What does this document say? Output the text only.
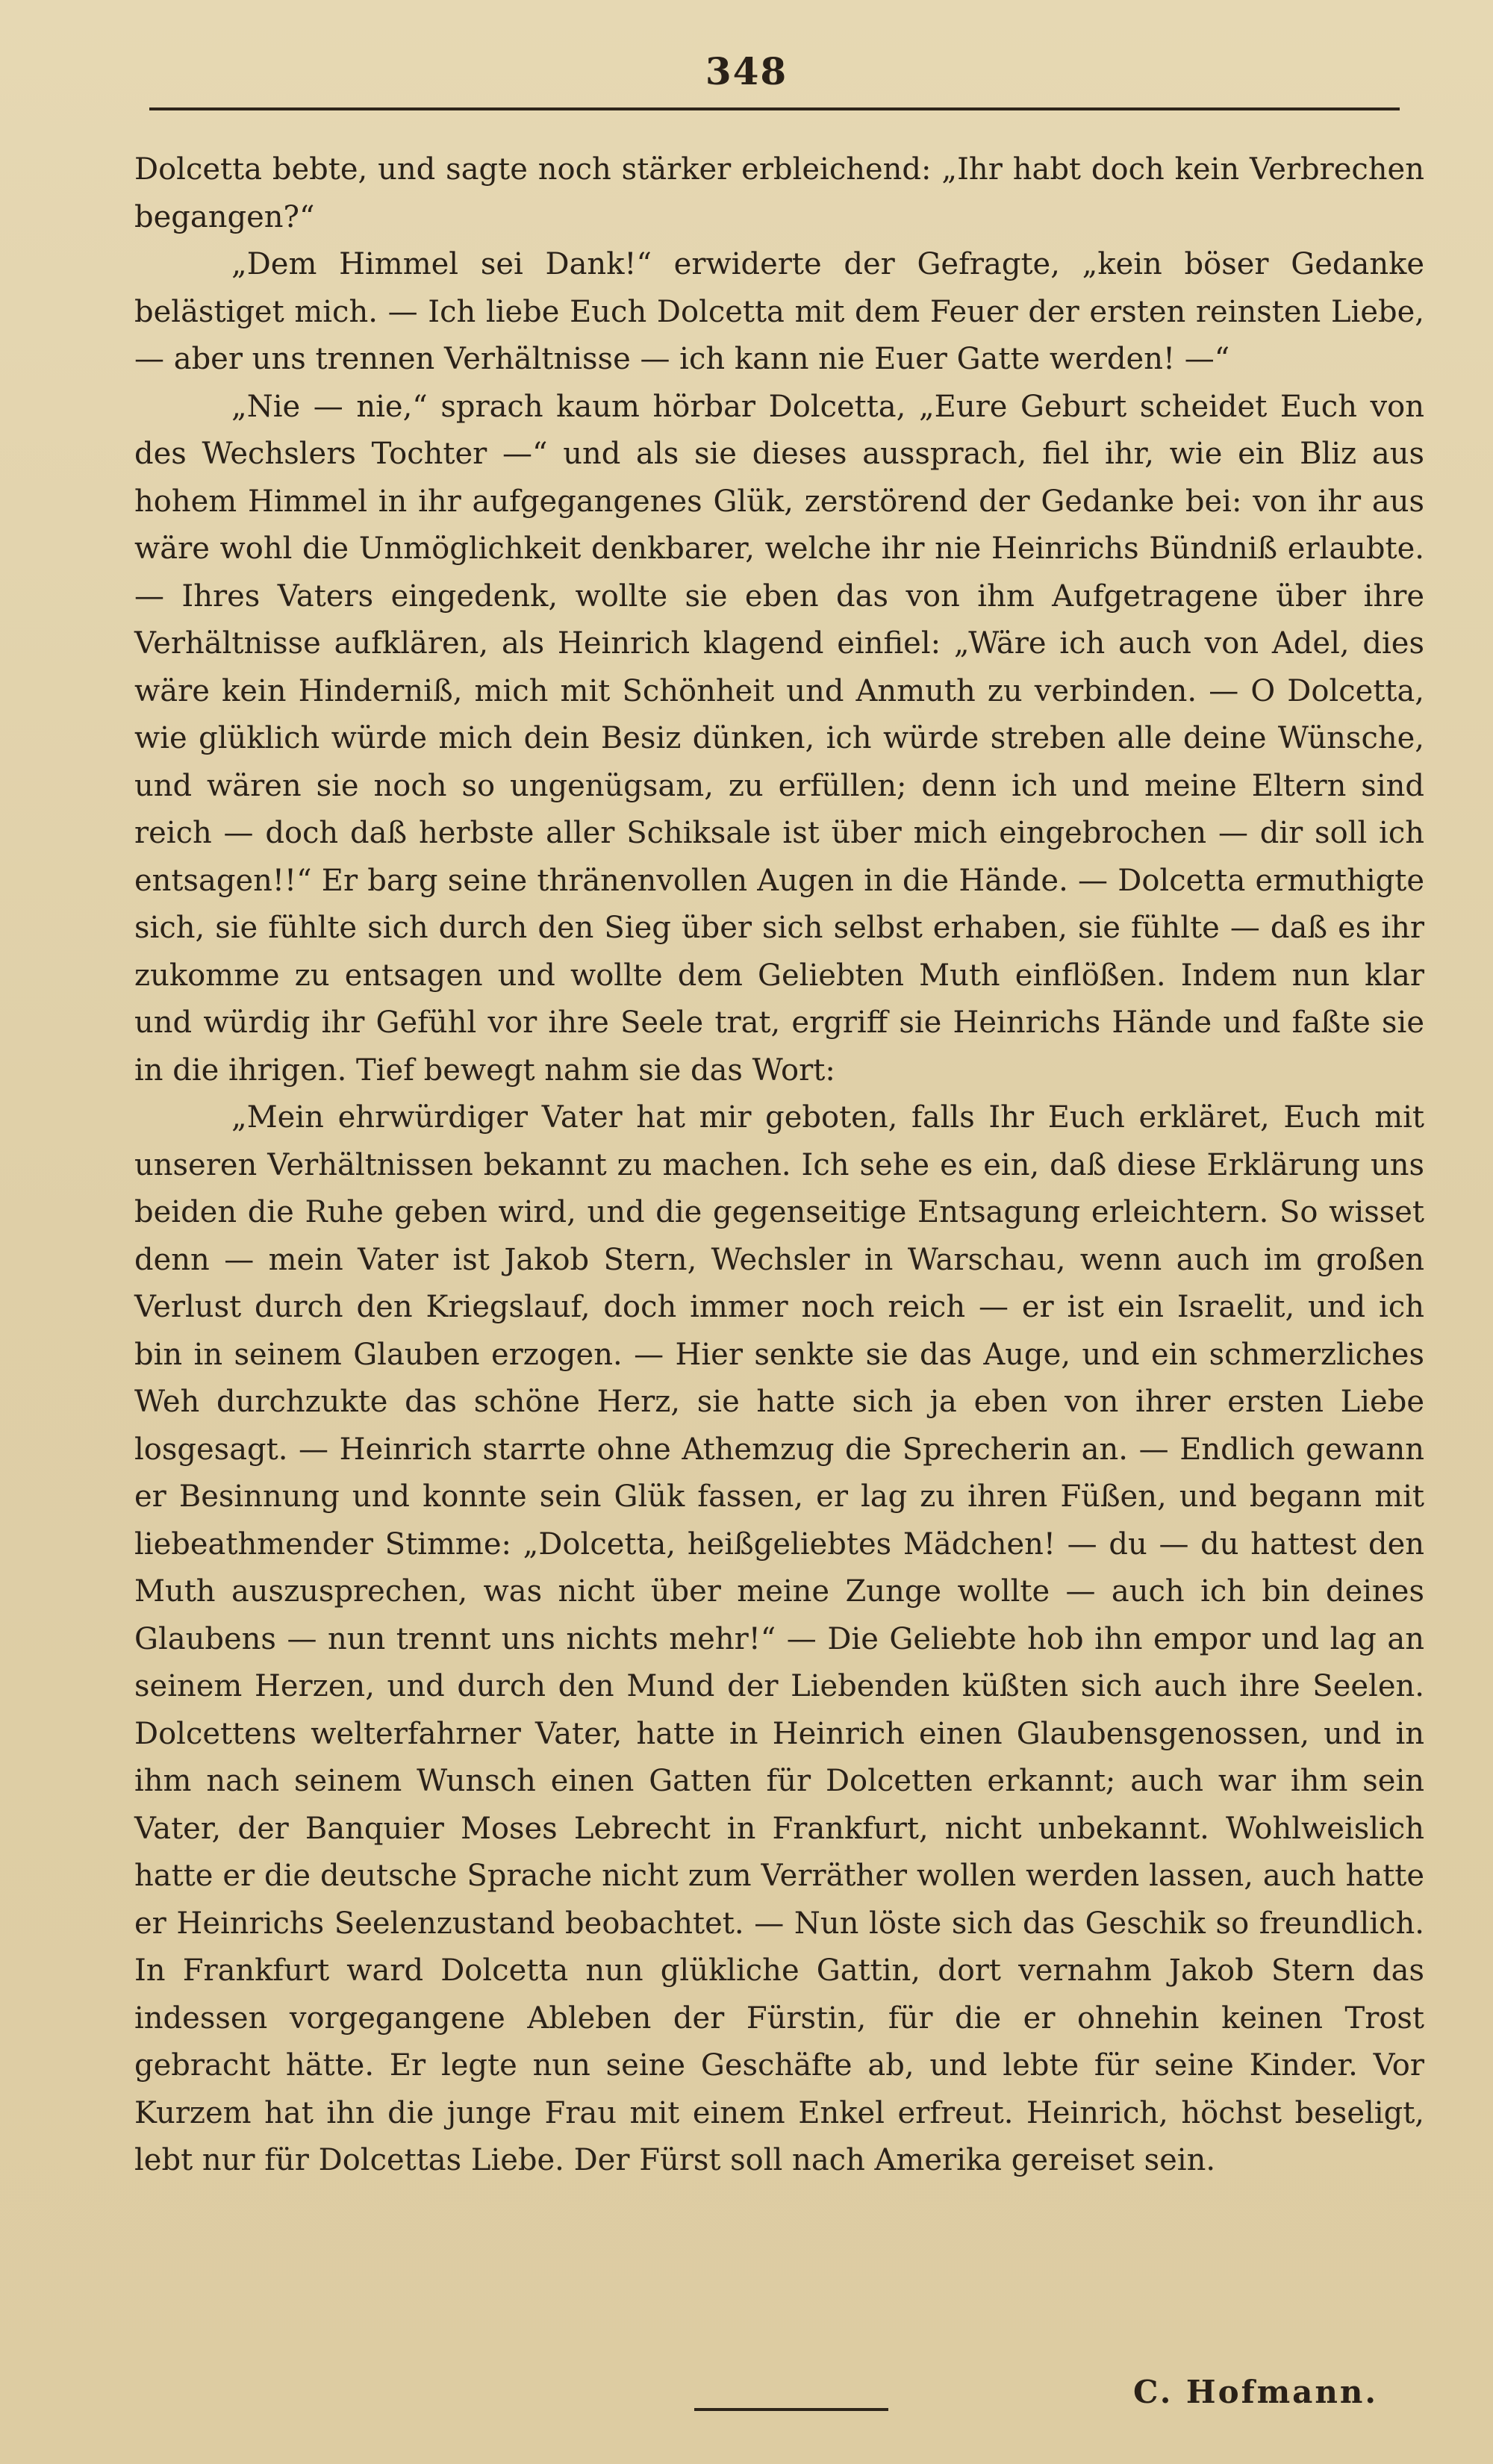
348

Dolcetta bebte, und sagte noch stärker erbleichend: „Ihr habt doch kein Verbrechen begangen?“

„Dem Himmel sei Dank!“ erwiderte der Gefragte, „kein böser Gedanke belästiget mich. — Ich liebe Euch Dolcetta mit dem Feuer der ersten reinsten Liebe, — aber uns trennen Verhältnisse — ich kann nie Euer Gatte werden! —“

„Nie — nie,“ sprach kaum hörbar Dolcetta, „Eure Geburt scheidet Euch von des Wechslers Tochter —“ und als sie dieses aussprach, fiel ihr, wie ein Bliz aus hohem Himmel in ihr aufgegangenes Glük, zerstörend der Gedanke bei: von ihr aus wäre wohl die Unmöglichkeit denkbarer, welche ihr nie Heinrichs Bündniß erlaubte. — Ihres Vaters eingedenk, wollte sie eben das von ihm Aufgetragene über ihre Verhältnisse aufklären, als Heinrich klagend einfiel: „Wäre ich auch von Adel, dies wäre kein Hinderniß, mich mit Schönheit und Anmuth zu verbinden. — O Dolcetta, wie glüklich würde mich dein Besiz dünken, ich würde streben alle deine Wünsche, und wären sie noch so ungenügsam, zu erfüllen; denn ich und meine Eltern sind reich — doch daß herbste aller Schiksale ist über mich eingebrochen — dir soll ich entsagen!!“ Er barg seine thränenvollen Augen in die Hände. — Dolcetta ermuthigte sich, sie fühlte sich durch den Sieg über sich selbst erhaben, sie fühlte — daß es ihr zukomme zu entsagen und wollte dem Geliebten Muth einflößen. Indem nun klar und würdig ihr Gefühl vor ihre Seele trat, ergriff sie Heinrichs Hände und faßte sie in die ihrigen. Tief bewegt nahm sie das Wort:

„Mein ehrwürdiger Vater hat mir geboten, falls Ihr Euch erkläret, Euch mit unseren Verhältnissen bekannt zu machen. Ich sehe es ein, daß diese Erklärung uns beiden die Ruhe geben wird, und die gegenseitige Entsagung erleichtern. So wisset denn — mein Vater ist Jakob Stern, Wechsler in Warschau, wenn auch im großen Verlust durch den Kriegslauf, doch immer noch reich — er ist ein Israelit, und ich bin in seinem Glauben erzogen. — Hier senkte sie das Auge, und ein schmerzliches Weh durchzukte das schöne Herz, sie hatte sich ja eben von ihrer ersten Liebe losgesagt. — Heinrich starrte ohne Athemzug die Sprecherin an. — Endlich gewann er Besinnung und konnte sein Glük fassen, er lag zu ihren Füßen, und begann mit liebeathmender Stimme: „Dolcetta, heißgeliebtes Mädchen! — du — du hattest den Muth auszusprechen, was nicht über meine Zunge wollte — auch ich bin deines Glaubens — nun trennt uns nichts mehr!“ — Die Geliebte hob ihn empor und lag an seinem Herzen, und durch den Mund der Liebenden küßten sich auch ihre Seelen. Dolcettens welterfahrner Vater, hatte in Heinrich einen Glaubensgenossen, und in ihm nach seinem Wunsch einen Gatten für Dolcetten erkannt; auch war ihm sein Vater, der Banquier Moses Lebrecht in Frankfurt, nicht unbekannt. Wohlweislich hatte er die deutsche Sprache nicht zum Verräther wollen werden lassen, auch hatte er Heinrichs Seelenzustand beobachtet. — Nun löste sich das Geschik so freundlich. In Frankfurt ward Dolcetta nun glükliche Gattin, dort vernahm Jakob Stern das indessen vorgegangene Ableben der Fürstin, für die er ohnehin keinen Trost gebracht hätte. Er legte nun seine Geschäfte ab, und lebte für seine Kinder. Vor Kurzem hat ihn die junge Frau mit einem Enkel erfreut. Heinrich, höchst beseligt, lebt nur für Dolcettas Liebe. Der Fürst soll nach Amerika gereiset sein.

C. Hofmann.
